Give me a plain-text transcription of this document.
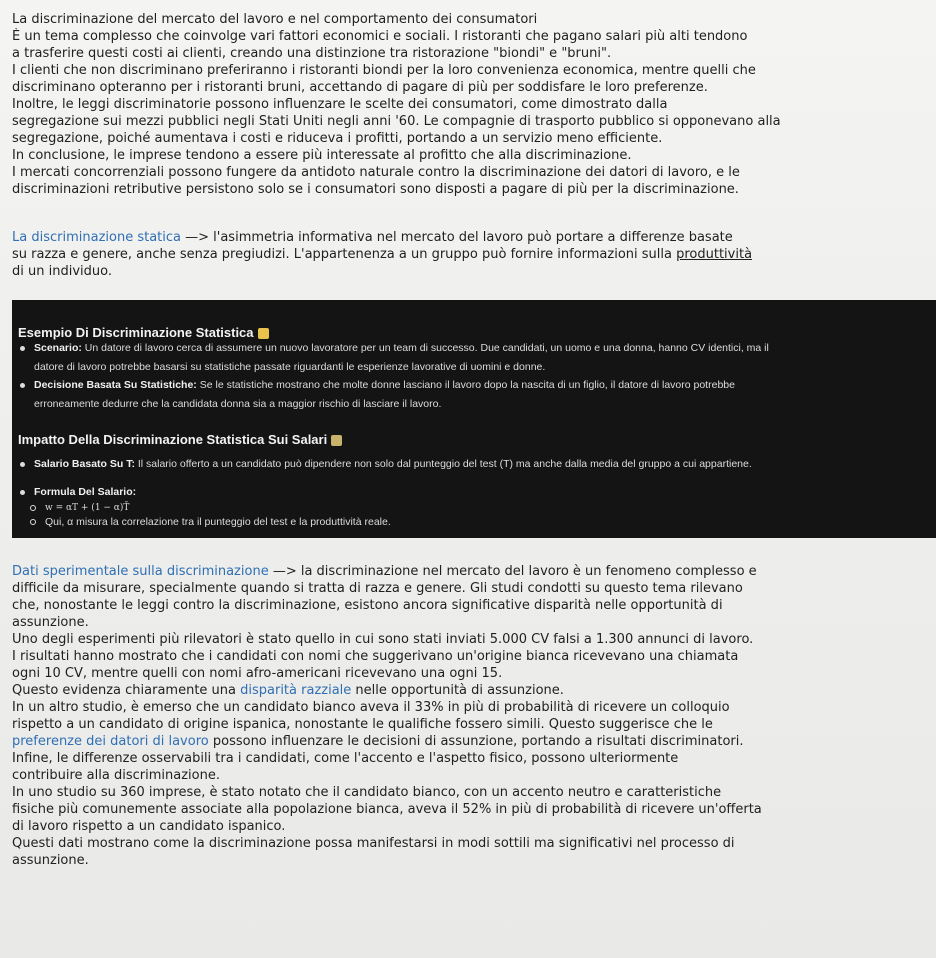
La discriminazione del mercato del lavoro e nel comportamento dei consumatori
È un tema complesso che coinvolge vari fattori economici e sociali. I ristoranti che pagano salari più alti tendono
a trasferire questi costi ai clienti, creando una distinzione tra ristorazione "biondi" e "bruni".
I clienti che non discriminano preferiranno i ristoranti biondi per la loro convenienza economica, mentre quelli che
discriminano opteranno per i ristoranti bruni, accettando di pagare di più per soddisfare le loro preferenze.
Inoltre, le leggi discriminatorie possono influenzare le scelte dei consumatori, come dimostrato dalla
segregazione sui mezzi pubblici negli Stati Uniti negli anni '60. Le compagnie di trasporto pubblico si opponevano alla
segregazione, poiché aumentava i costi e riduceva i profitti, portando a un servizio meno efficiente.
In conclusione, le imprese tendono a essere più interessate al profitto che alla discriminazione.
I mercati concorrenziali possono fungere da antidoto naturale contro la discriminazione dei datori di lavoro, e le
discriminazioni retributive persistono solo se i consumatori sono disposti a pagare di più per la discriminazione.
La discriminazione statica —> l'asimmetria informativa nel mercato del lavoro può portare a differenze basate
su razza e genere, anche senza pregiudizi. L'appartenenza a un gruppo può fornire informazioni sulla produttività
di un individuo.
Esempio Di Discriminazione Statistica
Scenario: Un datore di lavoro cerca di assumere un nuovo lavoratore per un team di successo. Due candidati, un uomo e una donna, hanno CV identici, ma il
datore di lavoro potrebbe basarsi su statistiche passate riguardanti le esperienze lavorative di uomini e donne.
Decisione Basata Su Statistiche: Se le statistiche mostrano che molte donne lasciano il lavoro dopo la nascita di un figlio, il datore di lavoro potrebbe
erroneamente dedurre che la candidata donna sia a maggior rischio di lasciare il lavoro.
Impatto Della Discriminazione Statistica Sui Salari
Salario Basato Su T: Il salario offerto a un candidato può dipendere non solo dal punteggio del test (T) ma anche dalla media del gruppo a cui appartiene.
Formula Del Salario:
w = αT + (1 − α)T̄
Qui, α misura la correlazione tra il punteggio del test e la produttività reale.
Dati sperimentale sulla discriminazione —> la discriminazione nel mercato del lavoro è un fenomeno complesso e
difficile da misurare, specialmente quando si tratta di razza e genere. Gli studi condotti su questo tema rilevano
che, nonostante le leggi contro la discriminazione, esistono ancora significative disparità nelle opportunità di
assunzione.
Uno degli esperimenti più rilevatori è stato quello in cui sono stati inviati 5.000 CV falsi a 1.300 annunci di lavoro.
I risultati hanno mostrato che i candidati con nomi che suggerivano un'origine bianca ricevevano una chiamata
ogni 10 CV, mentre quelli con nomi afro-americani ricevevano una ogni 15.
Questo evidenza chiaramente una disparità razziale nelle opportunità di assunzione.
In un altro studio, è emerso che un candidato bianco aveva il 33% in più di probabilità di ricevere un colloquio
rispetto a un candidato di origine ispanica, nonostante le qualifiche fossero simili. Questo suggerisce che le
preferenze dei datori di lavoro possono influenzare le decisioni di assunzione, portando a risultati discriminatori.
Infine, le differenze osservabili tra i candidati, come l'accento e l'aspetto fisico, possono ulteriormente
contribuire alla discriminazione.
In uno studio su 360 imprese, è stato notato che il candidato bianco, con un accento neutro e caratteristiche
fisiche più comunemente associate alla popolazione bianca, aveva il 52% in più di probabilità di ricevere un'offerta
di lavoro rispetto a un candidato ispanico.
Questi dati mostrano come la discriminazione possa manifestarsi in modi sottili ma significativi nel processo di
assunzione.
